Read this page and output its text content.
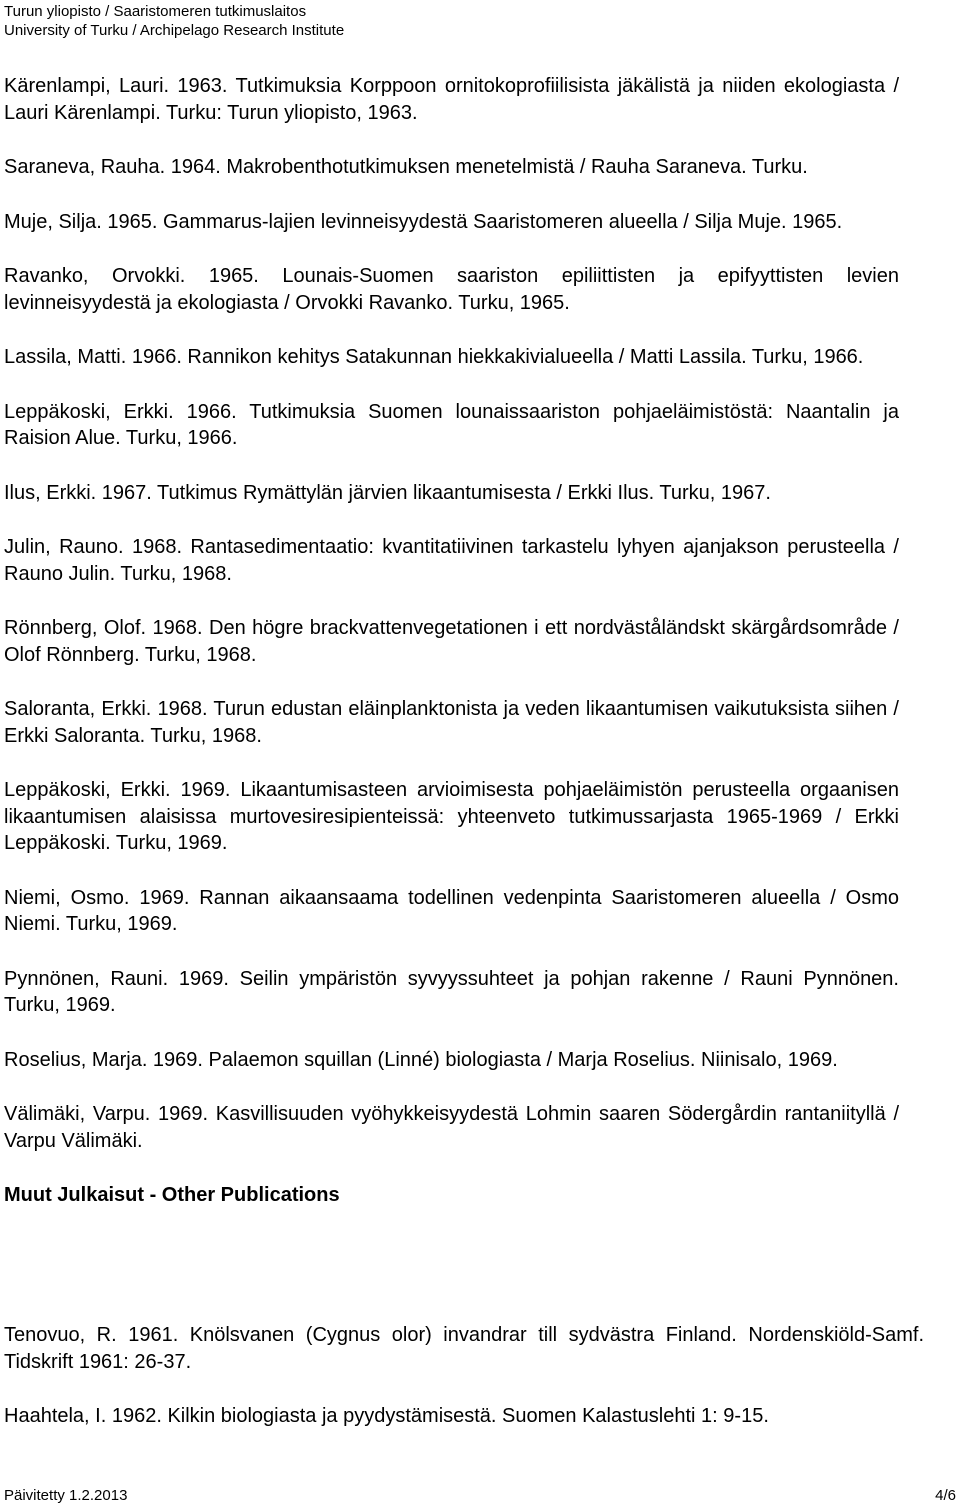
Turun yliopisto / Saaristomeren tutkimuslaitos
University of Turku / Archipelago Research Institute

Kärenlampi, Lauri. 1963. Tutkimuksia Korppoon ornitokoprofiilisista jäkälistä ja niiden ekologiasta / Lauri Kärenlampi. Turku: Turun yliopisto, 1963.

Saraneva, Rauha. 1964. Makrobenthotutkimuksen menetelmistä / Rauha Saraneva. Turku.

Muje, Silja. 1965. Gammarus-lajien levinneisyydestä Saaristomeren alueella / Silja Muje. 1965.

Ravanko, Orvokki. 1965. Lounais-Suomen saariston epiliittisten ja epifyyttisten levien levinneisyydestä ja ekologiasta / Orvokki Ravanko. Turku, 1965.

Lassila, Matti. 1966. Rannikon kehitys Satakunnan hiekkakivialueella / Matti Lassila. Turku, 1966.

Leppäkoski, Erkki. 1966. Tutkimuksia Suomen lounaissaariston pohjaeläimistöstä: Naantalin ja Raision Alue. Turku, 1966.

Ilus, Erkki. 1967. Tutkimus Rymättylän järvien likaantumisesta / Erkki Ilus. Turku, 1967.

Julin, Rauno. 1968. Rantasedimentaatio: kvantitatiivinen tarkastelu lyhyen ajanjakson perusteella / Rauno Julin. Turku, 1968.

Rönnberg, Olof. 1968. Den högre brackvattenvegetationen i ett nordväståländskt skärgårdsområde / Olof Rönnberg. Turku, 1968.

Saloranta, Erkki. 1968. Turun edustan eläinplanktonista ja veden likaantumisen vaikutuksista siihen / Erkki Saloranta. Turku, 1968.

Leppäkoski, Erkki. 1969. Likaantumisasteen arvioimisesta pohjaeläimistön perusteella orgaanisen likaantumisen alaisissa murtovesiresipienteissä: yhteenveto tutkimussarjasta 1965-1969 / Erkki Leppäkoski. Turku, 1969.

Niemi, Osmo. 1969. Rannan aikaansaama todellinen vedenpinta Saaristomeren alueella / Osmo Niemi. Turku, 1969.

Pynnönen, Rauni. 1969. Seilin ympäristön syvyyssuhteet ja pohjan rakenne / Rauni Pynnönen. Turku, 1969.

Roselius, Marja. 1969. Palaemon squillan (Linné) biologiasta / Marja Roselius. Niinisalo, 1969.

Välimäki, Varpu. 1969. Kasvillisuuden vyöhykkeisyydestä Lohmin saaren Södergårdin rantaniityllä / Varpu Välimäki.

Muut Julkaisut - Other Publications

Tenovuo, R. 1961. Knölsvanen (Cygnus olor) invandrar till sydvästra Finland. Nordenskiöld-Samf. Tidskrift 1961: 26-37.

Haahtela, I. 1962. Kilkin biologiasta ja pyydystämisestä. Suomen Kalastuslehti 1: 9-15.

Päivitetty 1.2.2013	4/6
